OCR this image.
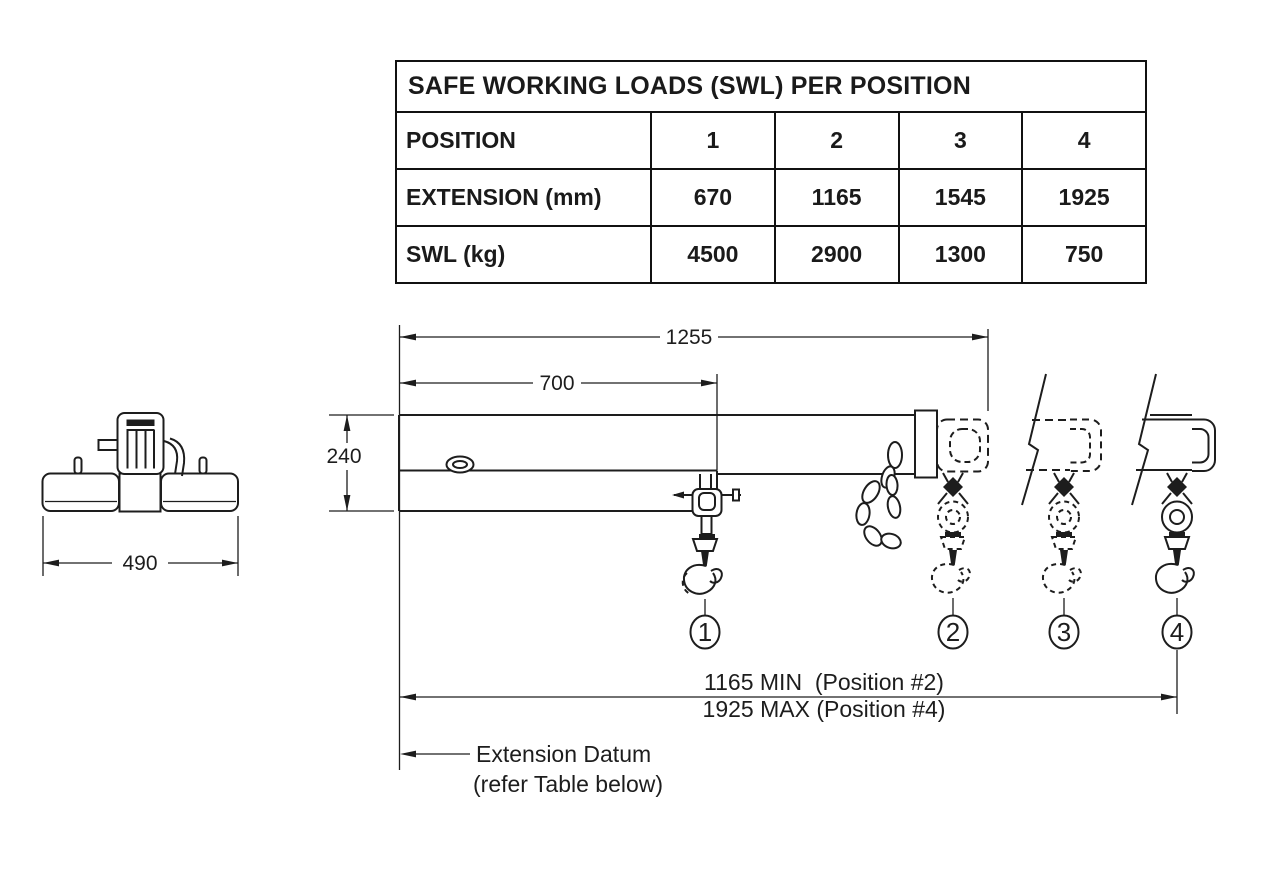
490
1	2	3	4
1255
700
240
1165 MIN  (Position #2)
1925 MAX (Position #4)
Extension Datum
(refer Table below)
SAFE WORKING LOADS (SWL) PER POSITION
POSITION	1	2	3	4
EXTENSION (mm)	670	1165	1545	1925
SWL (kg)	4500	2900	1300	750
